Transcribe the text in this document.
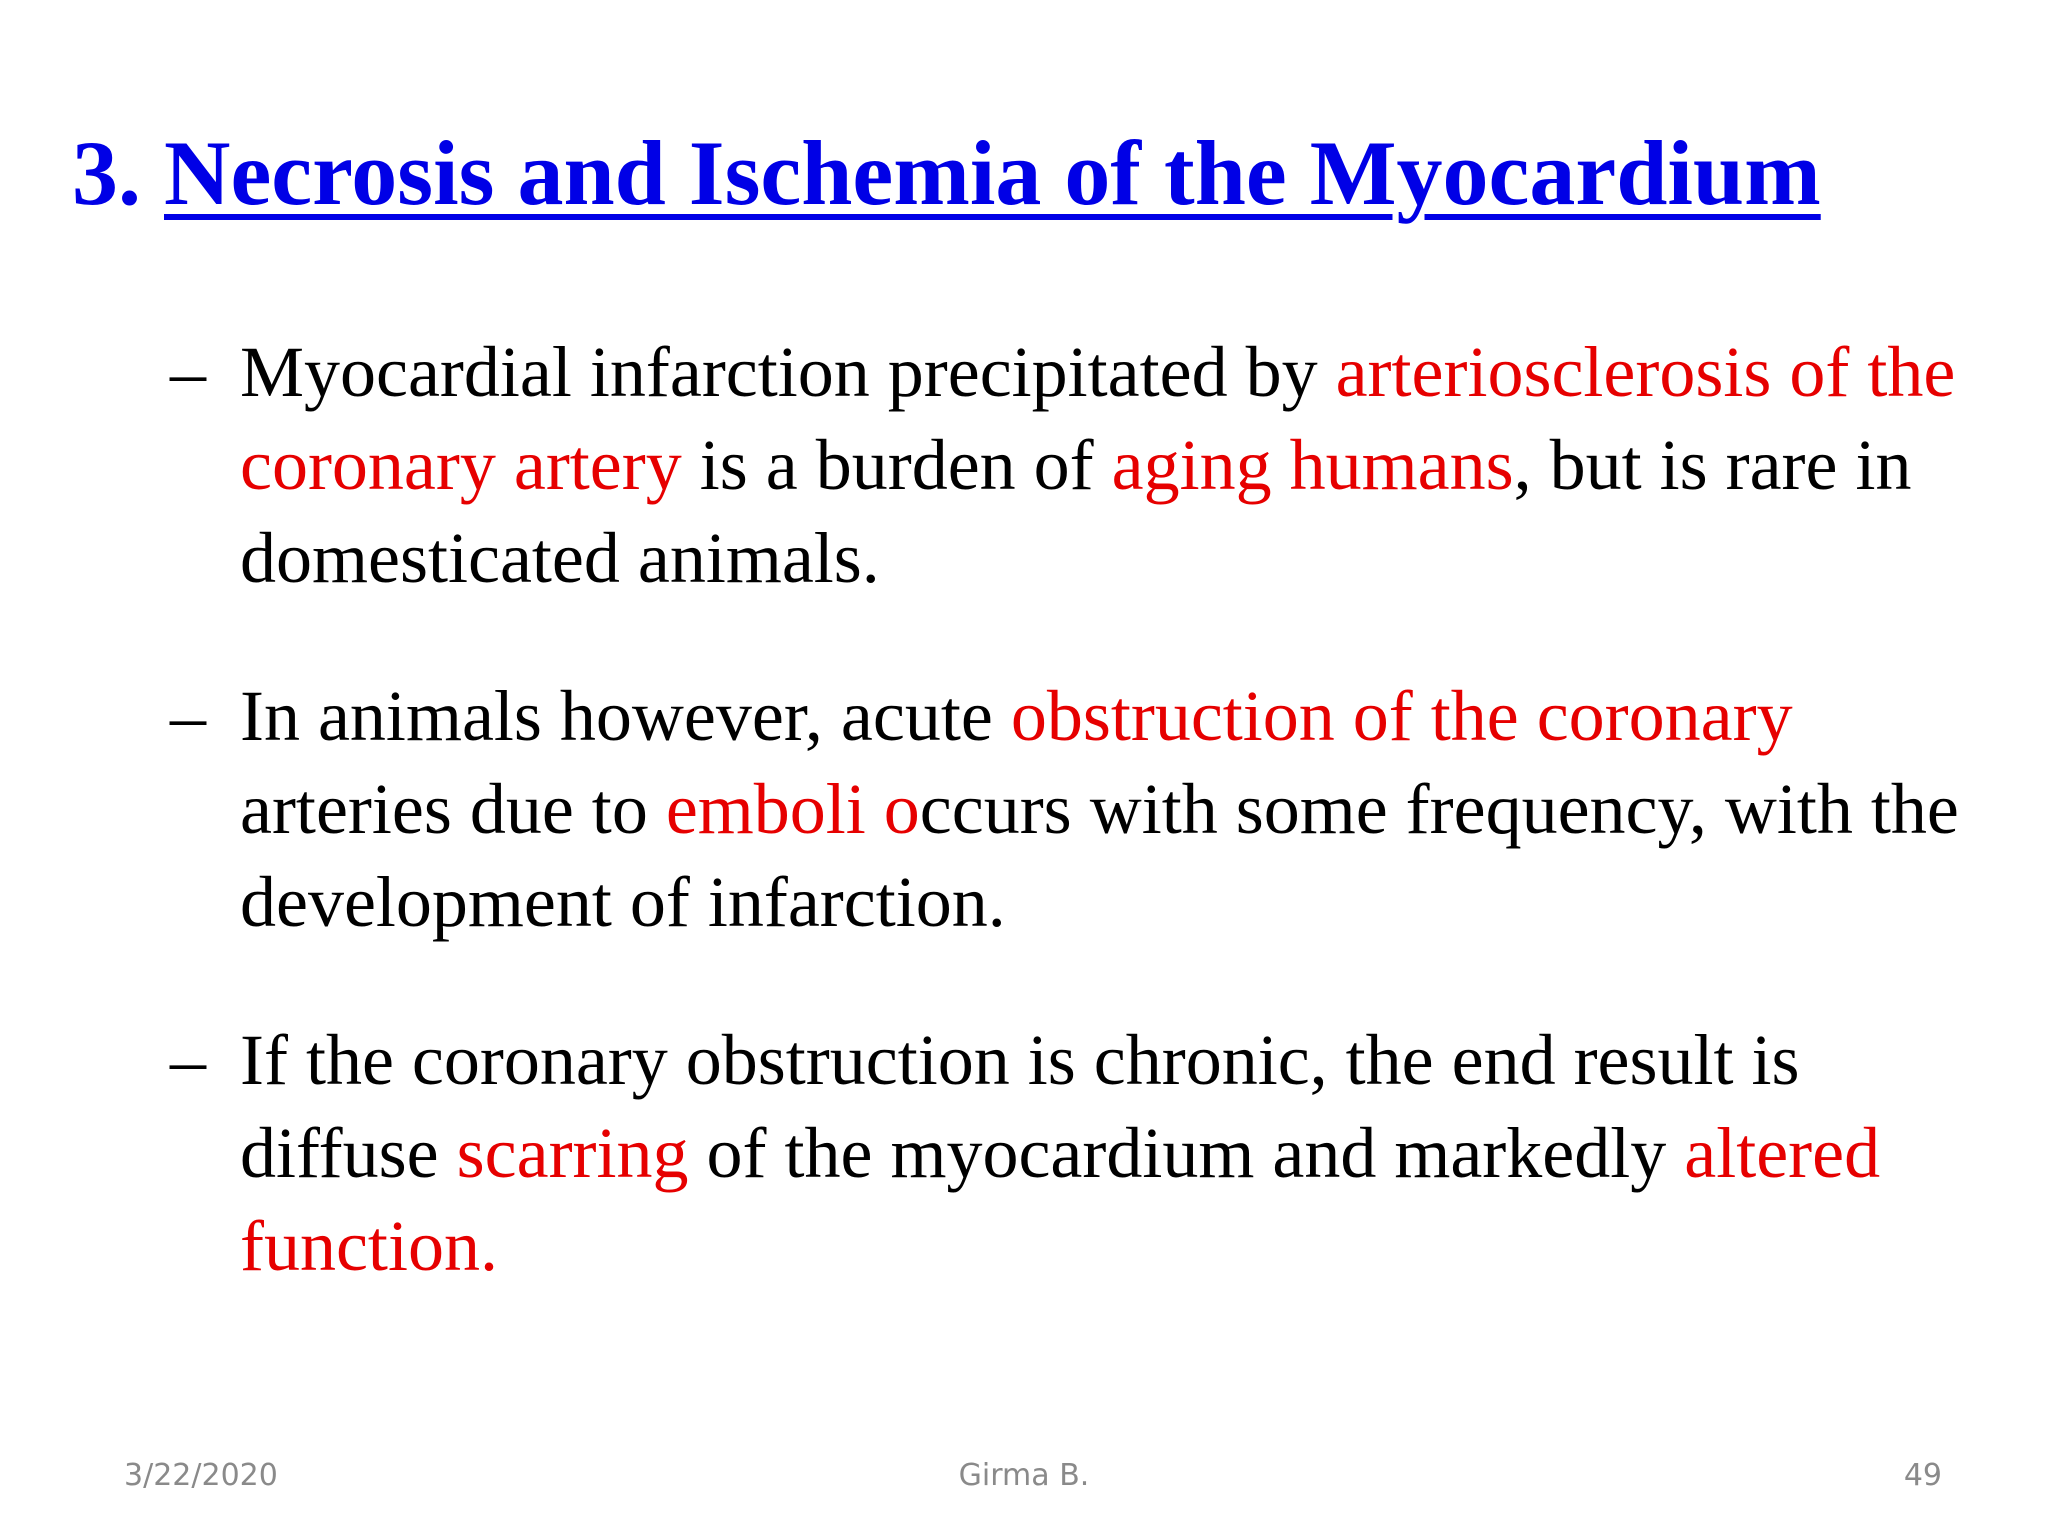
3. Necrosis and Ischemia of the Myocardium
– Myocardial infarction precipitated by arteriosclerosis of the coronary artery is a burden of aging humans, but is rare in domesticated animals.
– In animals however, acute obstruction of the coronary arteries due to emboli occurs with some frequency, with the development of infarction.
– If the coronary obstruction is chronic, the end result is diffuse scarring of the myocardium and markedly altered function.
3/22/2020	Girma B.	49
